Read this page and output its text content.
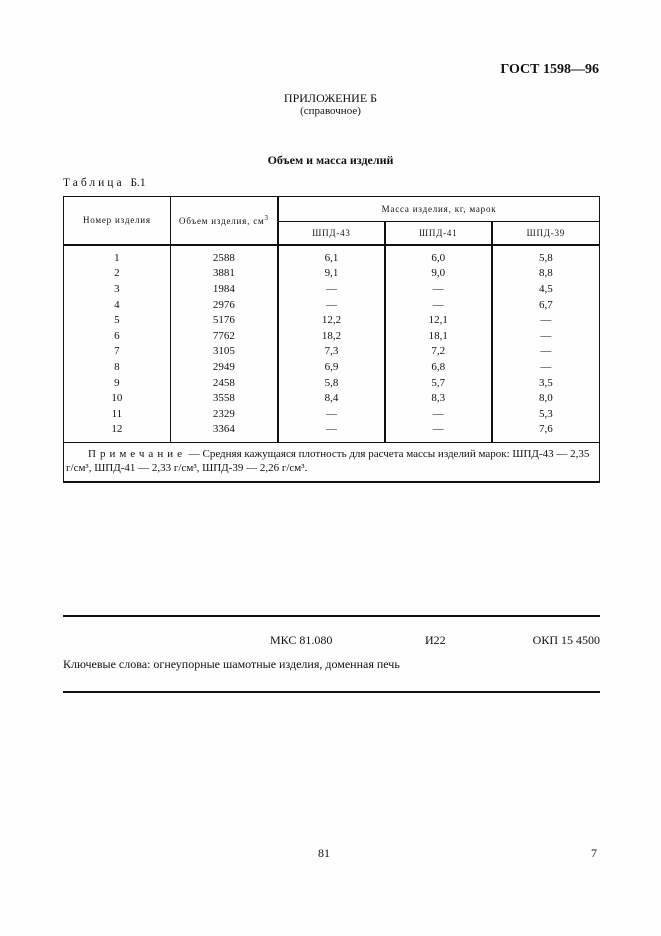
ГОСТ 1598—96
ПРИЛОЖЕНИЕ Б
(справочное)
Объем и масса изделий
Таблица Б.1
Номер изделия	Объем изделия, $см^3$	Масса изделия, кг, марок		
		ШПД-43	ШПД-41	ШПД-39

1	2588	6,1	6,0	5,8
2	3881	9,1	9,0	8,8
3	1984	—	—	4,5
4	2976	—	—	6,7
5	5176	12,2	12,1	—
6	7762	18,2	18,1	—
7	3105	7,3	7,2	—
8	2949	6,9	6,8	—
9	2458	5,8	5,7	3,5
10	3558	8,4	8,3	8,0
11	2329	—	—	5,3
12	3364	—	—	7,6

Примечание — Средняя кажущаяся плотность для расчета массы изделий марок: ШПД-43 — 2,35 г/см³, ШПД-41 — 2,33 г/см³, ШПД-39 — 2,26 г/см³.				
МКС 81.080	И22	ОКП 15 4500
Ключевые слова: огнеупорные шамотные изделия, доменная печь
81	7
